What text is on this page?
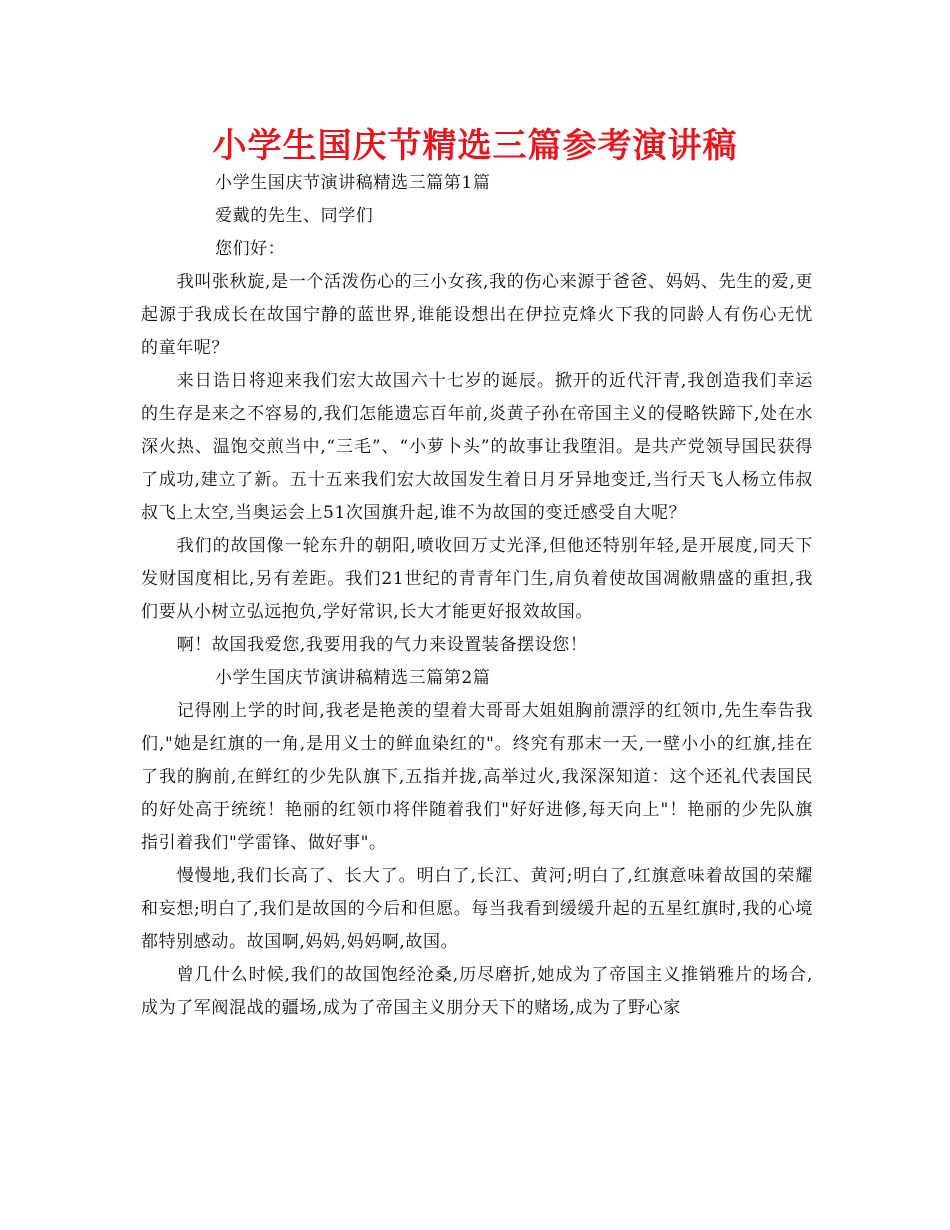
小学生国庆节精选三篇参考演讲稿

小学生国庆节演讲稿精选三篇第1篇

爱戴的先生、同学们

您们好：

我叫张秋旋,是一个活泼伤心的三小女孩,我的伤心来源于爸爸、妈妈、先生的爱,更起源于我成长在故国宁静的蓝世界,谁能设想出在伊拉克烽火下我的同龄人有伤心无忧的童年呢？

来日诰日将迎来我们宏大故国六十七岁的诞辰。掀开的近代汗青,我创造我们幸运的生存是来之不容易的,我们怎能遗忘百年前,炎黄子孙在帝国主义的侵略铁蹄下,处在水深火热、温饱交煎当中,“三毛”、“小萝卜头”的故事让我堕泪。是共产党领导国民获得了成功,建立了新。五十五来我们宏大故国发生着日月牙异地变迁,当行天飞人杨立伟叔叔飞上太空,当奥运会上51次国旗升起,谁不为故国的变迁感受自大呢？

我们的故国像一轮东升的朝阳,喷收回万丈光泽,但他还特别年轻,是开展度,同天下发财国度相比,另有差距。我们21世纪的青青年门生,肩负着使故国凋敝鼎盛的重担,我们要从小树立弘远抱负,学好常识,长大才能更好报效故国。

啊！故国我爱您,我要用我的气力来设置装备摆设您！

小学生国庆节演讲稿精选三篇第2篇

记得刚上学的时间,我老是艳羡的望着大哥哥大姐姐胸前漂浮的红领巾,先生奉告我们,"她是红旗的一角,是用义士的鲜血染红的"。终究有那末一天,一壁小小的红旗,挂在了我的胸前,在鲜红的少先队旗下,五指并拢,高举过火,我深深知道：这个还礼代表国民的好处高于统统！艳丽的红领巾将伴随着我们"好好进修,每天向上"！艳丽的少先队旗指引着我们"学雷锋、做好事"。

慢慢地,我们长高了、长大了。明白了,长江、黄河;明白了,红旗意味着故国的荣耀和妄想;明白了,我们是故国的今后和但愿。每当我看到缓缓升起的五星红旗时,我的心境都特别感动。故国啊,妈妈,妈妈啊,故国。

曾几什么时候,我们的故国饱经沧桑,历尽磨折,她成为了帝国主义推销雅片的场合,成为了军阀混战的疆场,成为了帝国主义朋分天下的赌场,成为了野心家
